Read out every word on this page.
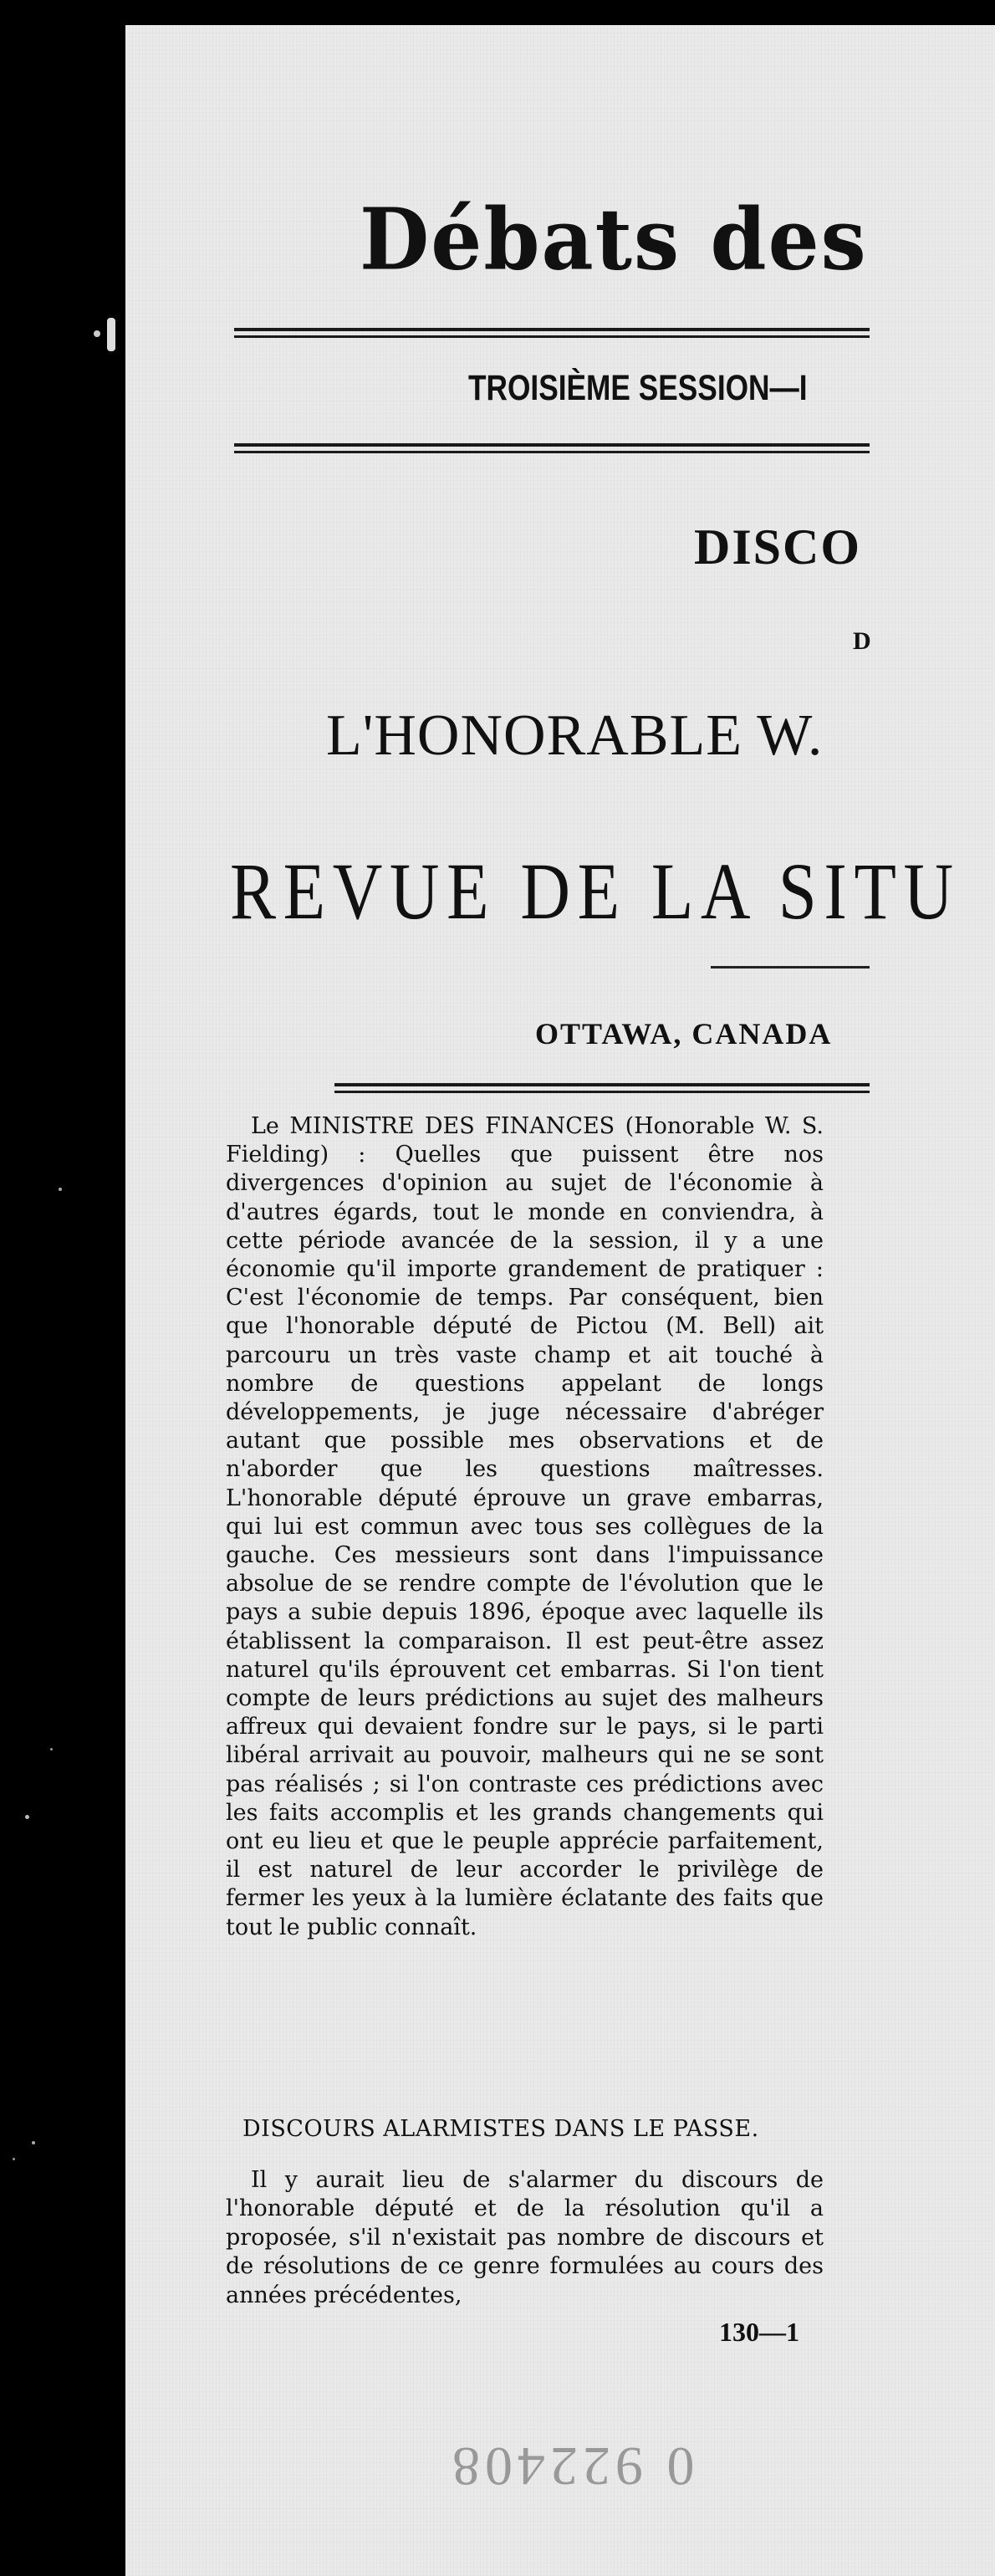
Débats des
TROISIÈME SESSION—I
DISCO
D
L'HONORABLE W.
REVUE DE LA SITU
OTTAWA, CANADA

Le MINISTRE DES FINANCES (Honorable W. S. Fielding) : Quelles que puissent être nos divergences d'opinion au sujet de l'économie à d'autres égards, tout le monde en conviendra, à cette période avancée de la session, il y a une économie qu'il importe grandement de pratiquer : C'est l'économie de temps. Par conséquent, bien que l'honorable député de Pictou (M. Bell) ait parcouru un très vaste champ et ait touché à nombre de questions appelant de longs développements, je juge nécessaire d'abréger autant que possible mes observations et de n'aborder que les questions maîtresses. L'honorable député éprouve un grave embarras, qui lui est commun avec tous ses collègues de la gauche. Ces messieurs sont dans l'impuissance absolue de se rendre compte de l'évolution que le pays a subie depuis 1896, époque avec laquelle ils établissent la comparaison. Il est peut-être assez naturel qu'ils éprouvent cet embarras. Si l'on tient compte de leurs prédictions au sujet des malheurs affreux qui devaient fondre sur le pays, si le parti libéral arrivait au pouvoir, malheurs qui ne se sont pas réalisés ; si l'on contraste ces prédictions avec les faits accomplis et les grands changements qui ont eu lieu et que le peuple apprécie parfaitement, il est naturel de leur accorder le privilège de fermer les yeux à la lumière éclatante des faits que tout le public connaît.

DISCOURS ALARMISTES DANS LE PASSE.

Il y aurait lieu de s'alarmer du discours de l'honorable député et de la résolution qu'il a proposée, s'il n'existait pas nombre de discours et de résolutions de ce genre formulées au cours des années précédentes,

130—1
0 922408
